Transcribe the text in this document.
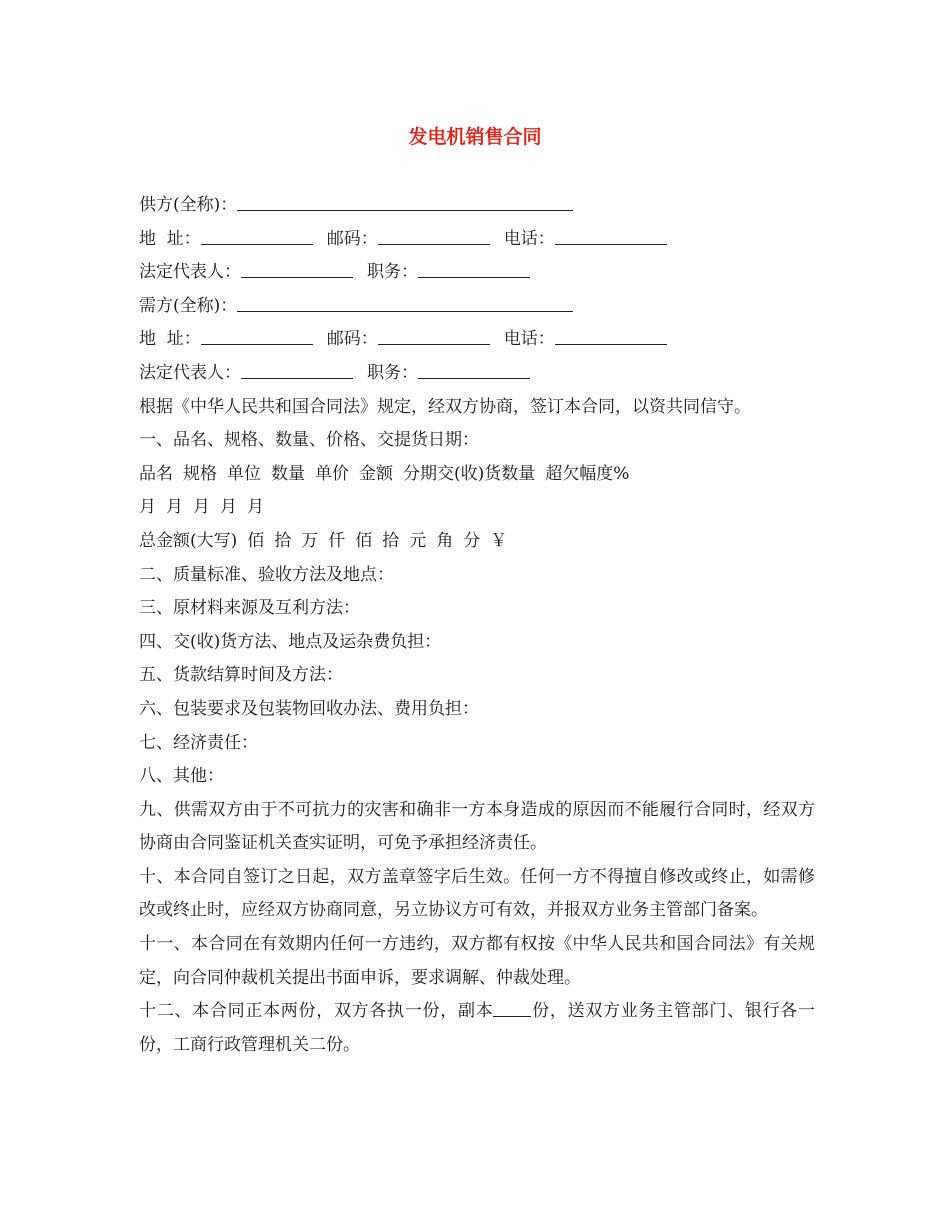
发电机销售合同
供方(全称)：
地  址：	邮码：	电话：
法定代表人：	职务：
需方(全称)：
地  址：	邮码：	电话：
法定代表人：	职务：
根据《中华人民共和国合同法》规定，经双方协商，签订本合同，以资共同信守。
一、品名、规格、数量、价格、交提货日期：
品名 规格 单位 数量 单价 金额 分期交(收)货数量 超欠幅度%
月 月 月 月 月
总金额(大写) 佰 拾 万 仟 佰 拾 元 角 分 ￥
二、质量标准、验收方法及地点：
三、原材料来源及互利方法：
四、交(收)货方法、地点及运杂费负担：
五、货款结算时间及方法：
六、包装要求及包装物回收办法、费用负担：
七、经济责任：
八、其他：
九、供需双方由于不可抗力的灾害和确非一方本身造成的原因而不能履行合同时，经双方协商由合同鉴证机关查实证明，可免予承担经济责任。
十、本合同自签订之日起，双方盖章签字后生效。任何一方不得擅自修改或终止，如需修改或终止时，应经双方协商同意，另立协议方可有效，并报双方业务主管部门备案。
十一、本合同在有效期内任何一方违约，双方都有权按《中华人民共和国合同法》有关规定，向合同仲裁机关提出书面申诉，要求调解、仲裁处理。
十二、本合同正本两份，双方各执一份，副本 份，送双方业务主管部门、银行各一份，工商行政管理机关二份。
